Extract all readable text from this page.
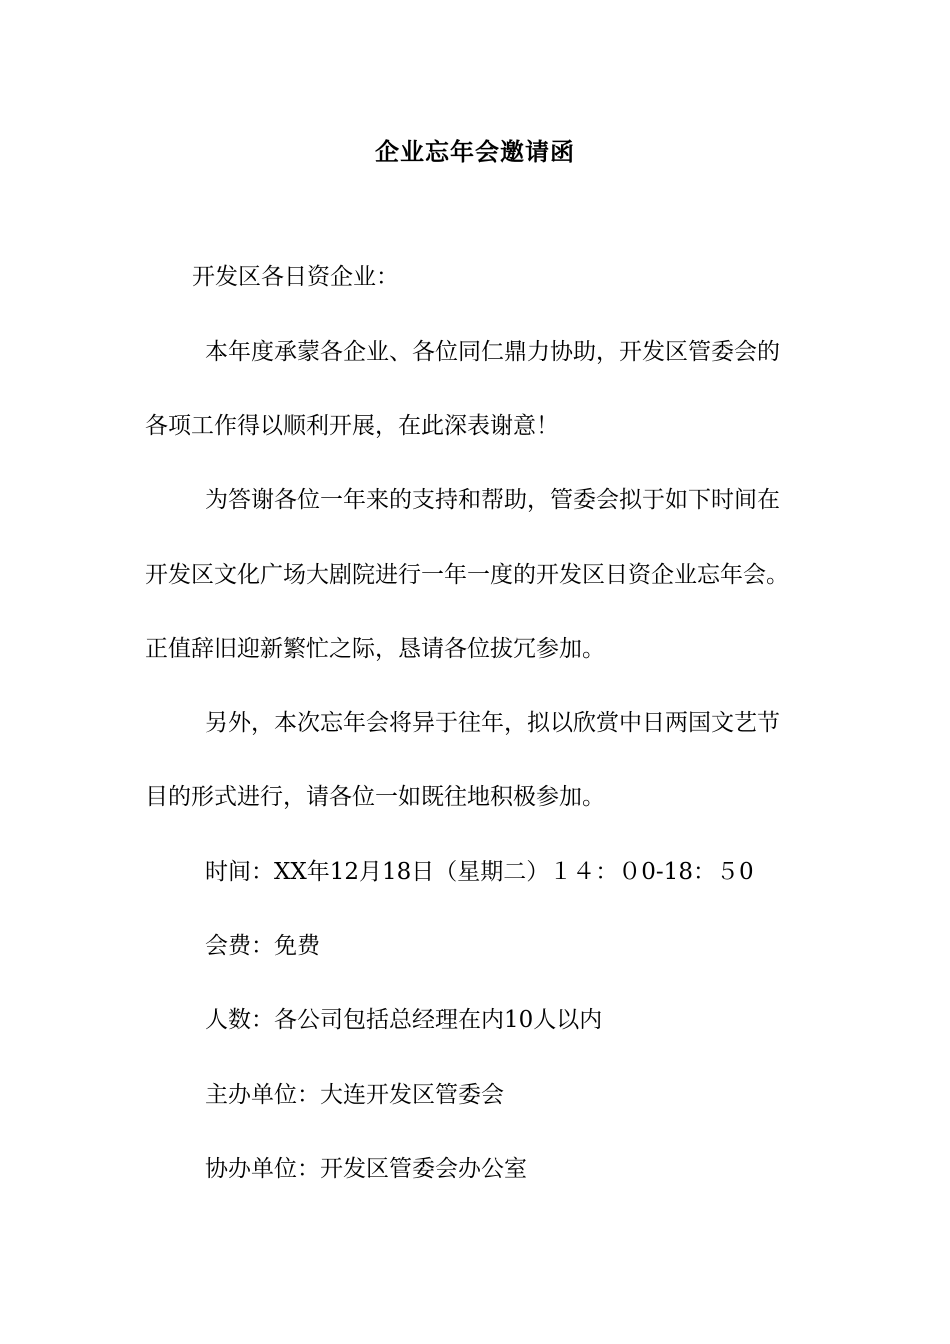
企业忘年会邀请函

开发区各日资企业：

本年度承蒙各企业、各位同仁鼎力协助，开发区管委会的

各项工作得以顺利开展，在此深表谢意！

为答谢各位一年来的支持和帮助，管委会拟于如下时间在

开发区文化广场大剧院进行一年一度的开发区日资企业忘年会。

正值辞旧迎新繁忙之际，恳请各位拔冗参加。

另外，本次忘年会将异于往年，拟以欣赏中日两国文艺节

目的形式进行，请各位一如既往地积极参加。

时间：XX年12月18日（星期二）１４：０0-18：５0

会费：免费

人数：各公司包括总经理在内10人以内

主办单位：大连开发区管委会

协办单位：开发区管委会办公室
